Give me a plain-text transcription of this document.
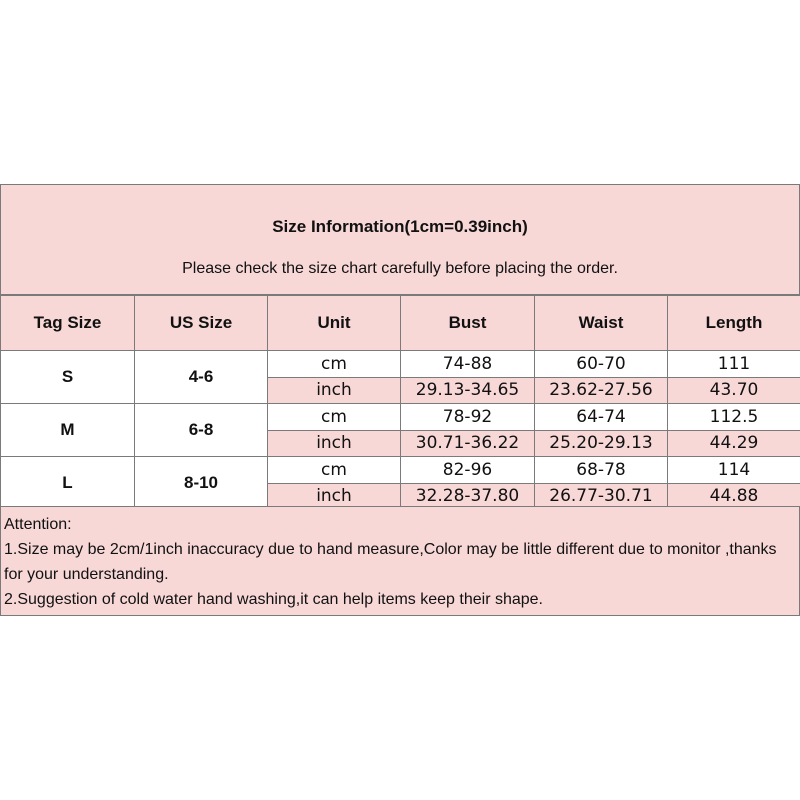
Size Information(1cm=0.39inch)
Please check the size chart carefully before placing the order.
Tag Size	US Size	Unit	Bust	Waist	Length
S	4-6	cm	74-88	60-70	111
		inch	29.13-34.65	23.62-27.56	43.70
M	6-8	cm	78-92	64-74	112.5
		inch	30.71-36.22	25.20-29.13	44.29
L	8-10	cm	82-96	68-78	114
		inch	32.28-37.80	26.77-30.71	44.88
Attention:
1.Size may be 2cm/1inch inaccuracy due to hand measure,Color may be little different due to monitor ,thanks for your understanding.
2.Suggestion of cold water hand washing,it can help items keep their shape.
